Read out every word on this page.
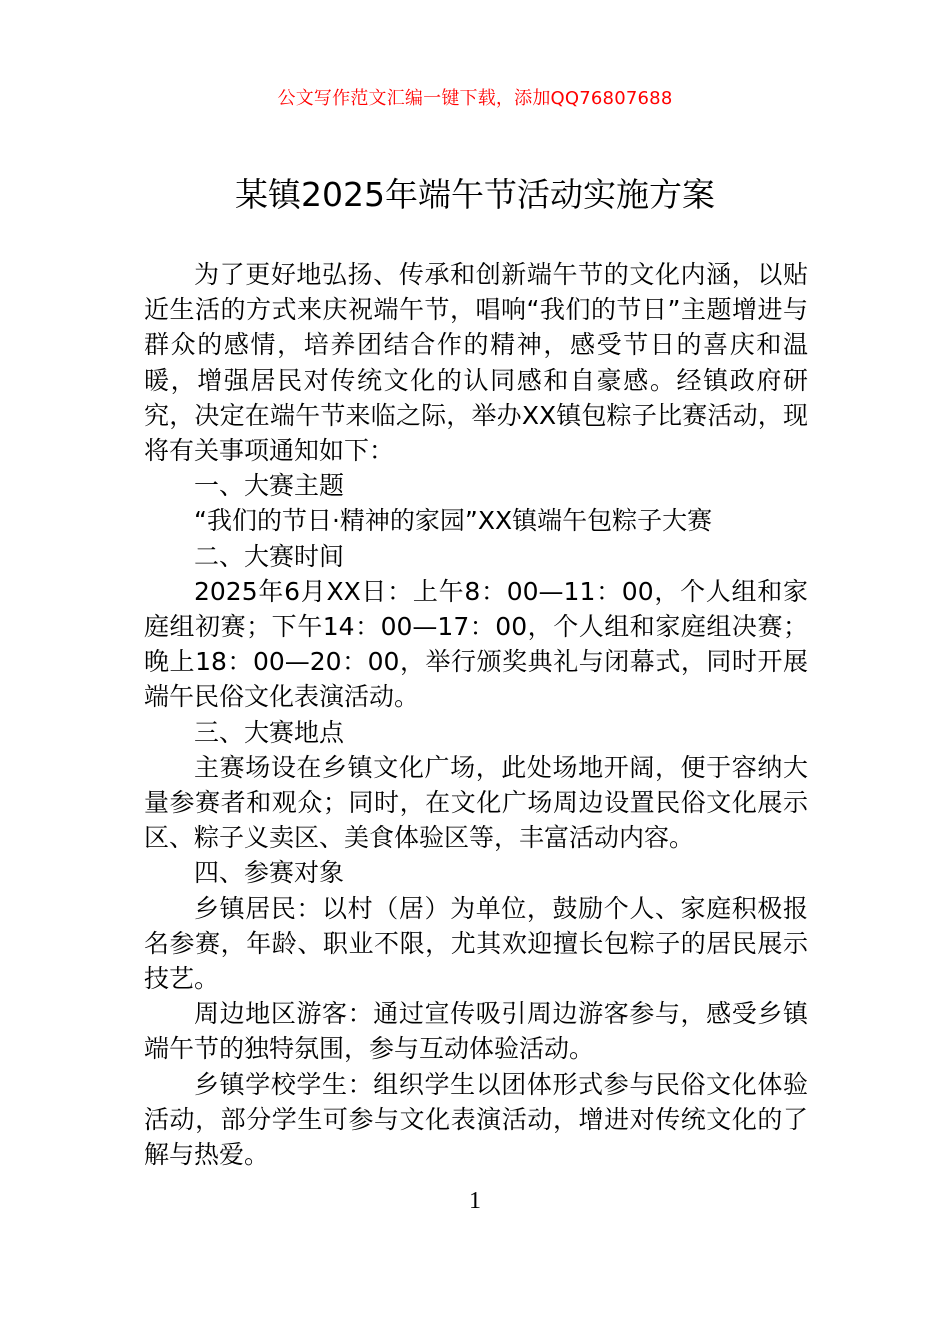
公文写作范文汇编一键下载，添加QQ76807688
某镇2025年端午节活动实施方案

为了更好地弘扬、传承和创新端午节的文化内涵，以贴近生活的方式来庆祝端午节，唱响“我们的节日”主题增进与群众的感情，培养团结合作的精神，感受节日的喜庆和温暖，增强居民对传统文化的认同感和自豪感。经镇政府研究，决定在端午节来临之际，举办XX镇包粽子比赛活动，现将有关事项通知如下：

一、大赛主题

“我们的节日·精神的家园”XX镇端午包粽子大赛

二、大赛时间

2025年6月XX日：上午8：00—11：00，个人组和家庭组初赛；下午14：00—17：00，个人组和家庭组决赛；晚上18：00—20：00，举行颁奖典礼与闭幕式，同时开展端午民俗文化表演活动。

三、大赛地点

主赛场设在乡镇文化广场，此处场地开阔，便于容纳大量参赛者和观众；同时，在文化广场周边设置民俗文化展示区、粽子义卖区、美食体验区等，丰富活动内容。

四、参赛对象

乡镇居民：以村（居）为单位，鼓励个人、家庭积极报名参赛，年龄、职业不限，尤其欢迎擅长包粽子的居民展示技艺。

周边地区游客：通过宣传吸引周边游客参与，感受乡镇端午节的独特氛围，参与互动体验活动。

乡镇学校学生：组织学生以团体形式参与民俗文化体验活动，部分学生可参与文化表演活动，增进对传统文化的了解与热爱。

1
